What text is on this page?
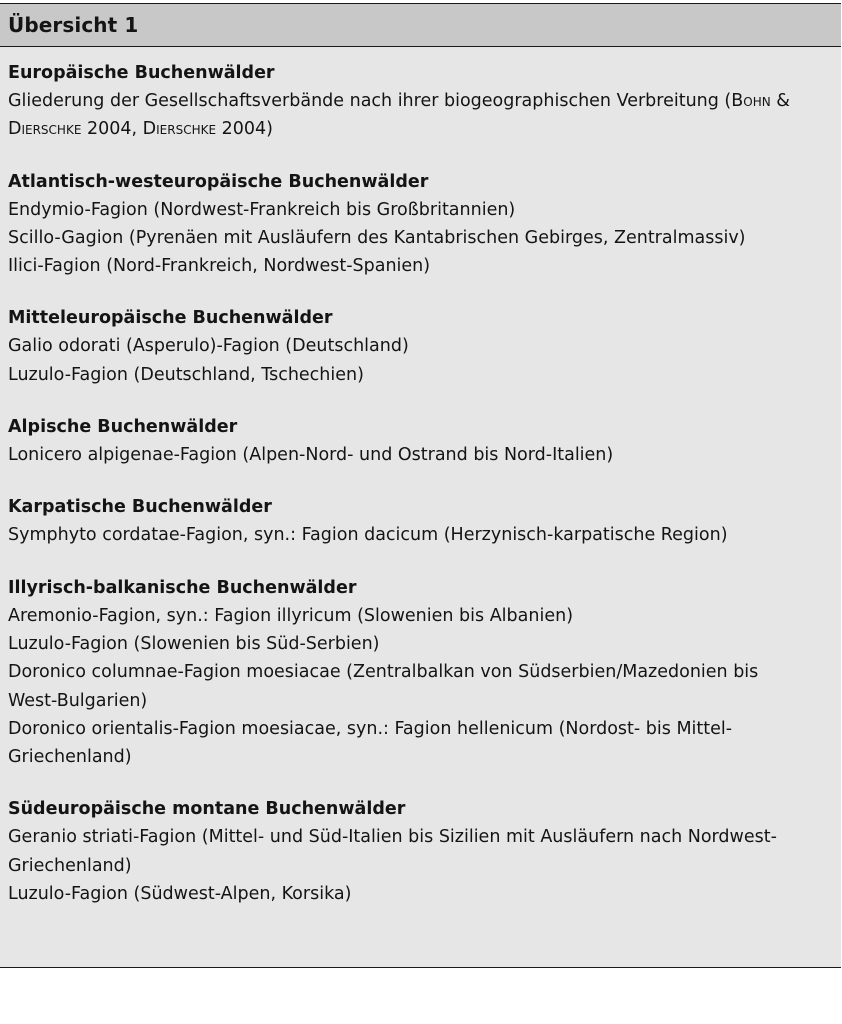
Übersicht 1

Europäische Buchenwälder

Gliederung der Gesellschaftsverbände nach ihrer biogeographischen Verbreitung (Bohn &

Dierschke 2004, Dierschke 2004)

Atlantisch-westeuropäische Buchenwälder

Endymio-Fagion (Nordwest-Frankreich bis Großbritannien)

Scillo-Gagion (Pyrenäen mit Ausläufern des Kantabrischen Gebirges, Zentralmassiv)

Ilici-Fagion (Nord-Frankreich, Nordwest-Spanien)

Mitteleuropäische Buchenwälder

Galio odorati (Asperulo)-Fagion (Deutschland)

Luzulo-Fagion (Deutschland, Tschechien)

Alpische Buchenwälder

Lonicero alpigenae-Fagion (Alpen-Nord- und Ostrand bis Nord-Italien)

Karpatische Buchenwälder

Symphyto cordatae-Fagion, syn.: Fagion dacicum (Herzynisch-karpatische Region)

Illyrisch-balkanische Buchenwälder

Aremonio-Fagion, syn.: Fagion illyricum (Slowenien bis Albanien)

Luzulo-Fagion (Slowenien bis Süd-Serbien)

Doronico columnae-Fagion moesiacae (Zentralbalkan von Südserbien/Mazedonien bis

West-Bulgarien)

Doronico orientalis-Fagion moesiacae, syn.: Fagion hellenicum (Nordost- bis Mittel-

Griechenland)

Südeuropäische montane Buchenwälder

Geranio striati-Fagion (Mittel- und Süd-Italien bis Sizilien mit Ausläufern nach Nordwest-

Griechenland)

Luzulo-Fagion (Südwest-Alpen, Korsika)
